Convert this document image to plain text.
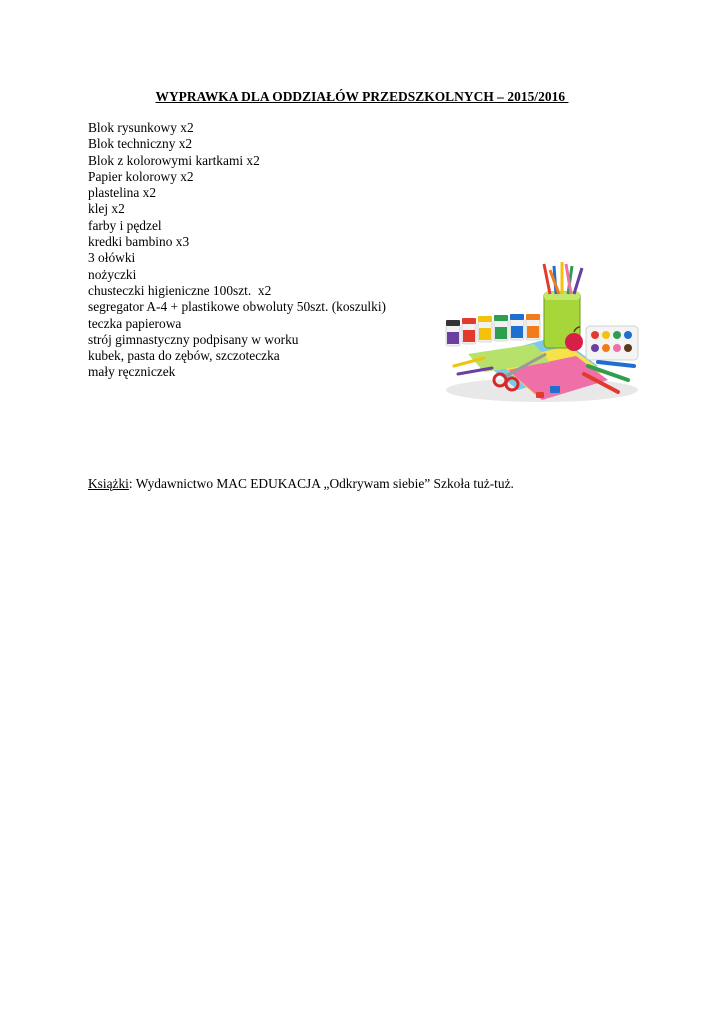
WYPRAWKA DLA ODDZIAŁÓW PRZEDSZKOLNYCH – 2015/2016
Blok rysunkowy x2
Blok techniczny x2
Blok z kolorowymi kartkami x2
Papier kolorowy x2
plastelina x2
klej x2
farby i pędzel
kredki bambino x3
3 ołówki
nożyczki
chusteczki higieniczne 100szt.  x2
segregator A-4 + plastikowe obwoluty 50szt. (koszulki)
teczka papierowa
strój gimnastyczny podpisany w worku
kubek, pasta do zębów, szczoteczka
mały ręczniczek
Książki: Wydawnictwo MAC EDUKACJA „Odkrywam siebie” Szkoła tuż-tuż.
